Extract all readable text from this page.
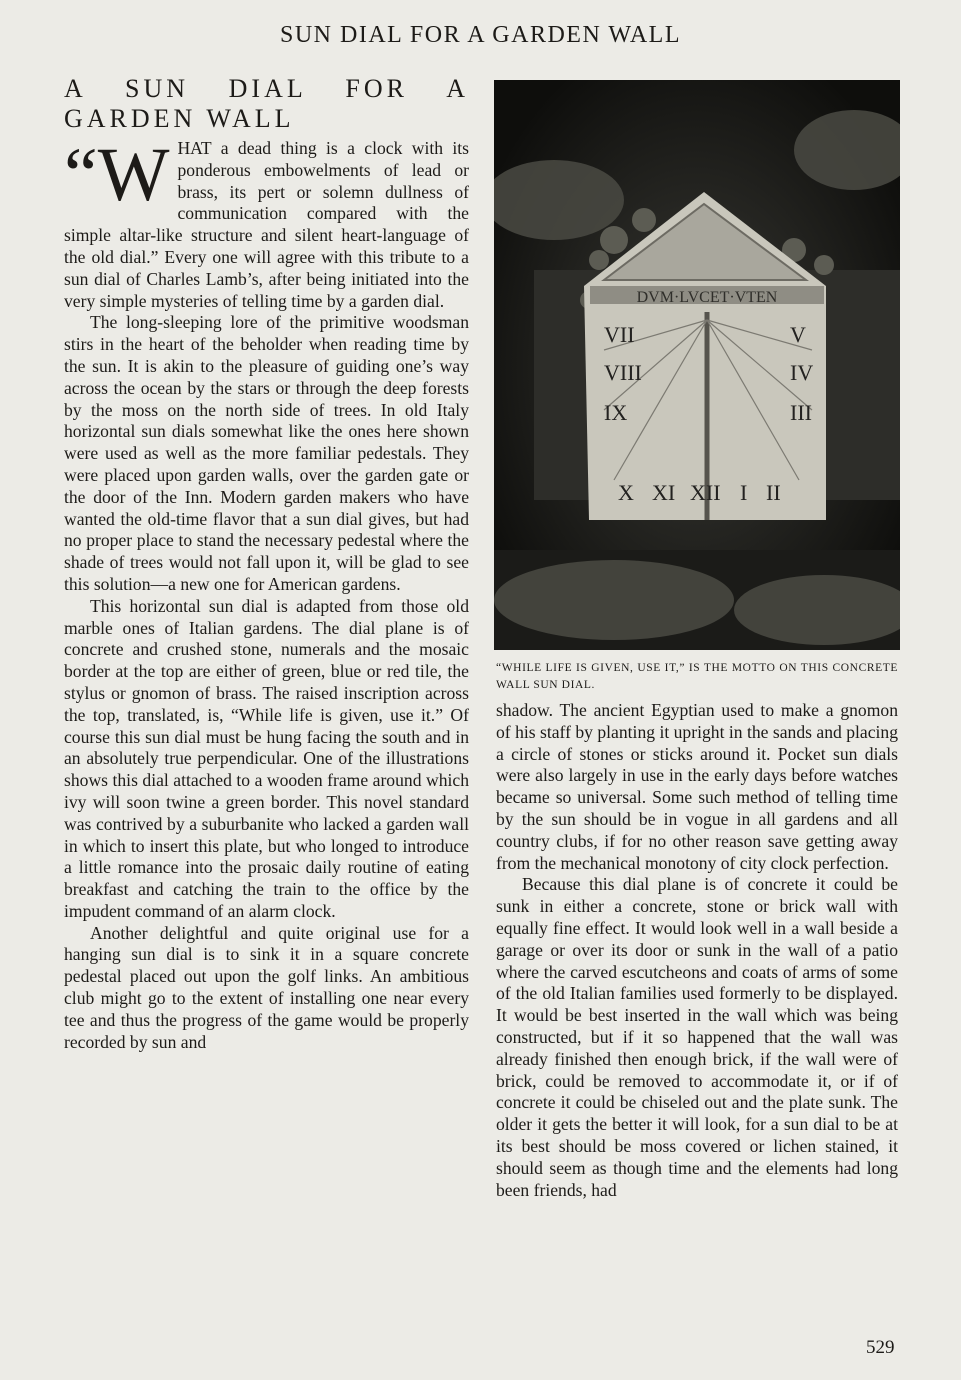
SUN DIAL FOR A GARDEN WALL
A SUN DIAL FOR A GARDEN WALL

“W HAT a dead thing is a clock with its ponderous embowelments of lead or brass, its pert or solemn dullness of communication compared with the simple altar-like structure and silent heart-language of the old dial.” Every one will agree with this tribute to a sun dial of Charles Lamb’s, after being initiated into the very simple mysteries of telling time by a garden dial.

The long-sleeping lore of the primitive woodsman stirs in the heart of the beholder when reading time by the sun. It is akin to the pleasure of guiding one’s way across the ocean by the stars or through the deep forests by the moss on the north side of trees. In old Italy horizontal sun dials somewhat like the ones here shown were used as well as the more familiar pedestals. They were placed upon garden walls, over the garden gate or the door of the Inn. Modern garden makers who have wanted the old-time flavor that a sun dial gives, but had no proper place to stand the necessary pedestal where the shade of trees would not fall upon it, will be glad to see this solution—a new one for American gardens.

This horizontal sun dial is adapted from those old marble ones of Italian gardens. The dial plane is of concrete and crushed stone, numerals and the mosaic border at the top are either of green, blue or red tile, the stylus or gnomon of brass. The raised inscription across the top, translated, is, “While life is given, use it.” Of course this sun dial must be hung facing the south and in an absolutely true perpendicular. One of the illustrations shows this dial attached to a wooden frame around which ivy will soon twine a green border. This novel standard was contrived by a suburbanite who lacked a garden wall in which to insert this plate, but who longed to introduce a little romance into the prosaic daily routine of eating breakfast and catching the train to the office by the impudent command of an alarm clock.

Another delightful and quite original use for a hanging sun dial is to sink it in a square concrete pedestal placed out upon the golf links. An ambitious club might go to the extent of installing one near every tee and thus the progress of the game would be properly recorded by sun and

DVM·LVCET·VTEN
VII
VIII
IX
V
IV
III
X XI XII I II
“WHILE LIFE IS GIVEN, USE IT,” IS THE MOTTO ON THIS CONCRETE WALL SUN DIAL.

shadow. The ancient Egyptian used to make a gnomon of his staff by planting it upright in the sands and placing a circle of stones or sticks around it. Pocket sun dials were also largely in use in the early days before watches became so universal. Some such method of telling time by the sun should be in vogue in all gardens and all country clubs, if for no other reason save getting away from the mechanical monotony of city clock perfection.

Because this dial plane is of concrete it could be sunk in either a concrete, stone or brick wall with equally fine effect. It would look well in a wall beside a garage or over its door or sunk in the wall of a patio where the carved escutcheons and coats of arms of some of the old Italian families used formerly to be displayed. It would be best inserted in the wall which was being constructed, but if it so happened that the wall was already finished then enough brick, if the wall were of brick, could be removed to accommodate it, or if of concrete it could be chiseled out and the plate sunk. The older it gets the better it will look, for a sun dial to be at its best should be moss covered or lichen stained, it should seem as though time and the elements had long been friends, had

529
